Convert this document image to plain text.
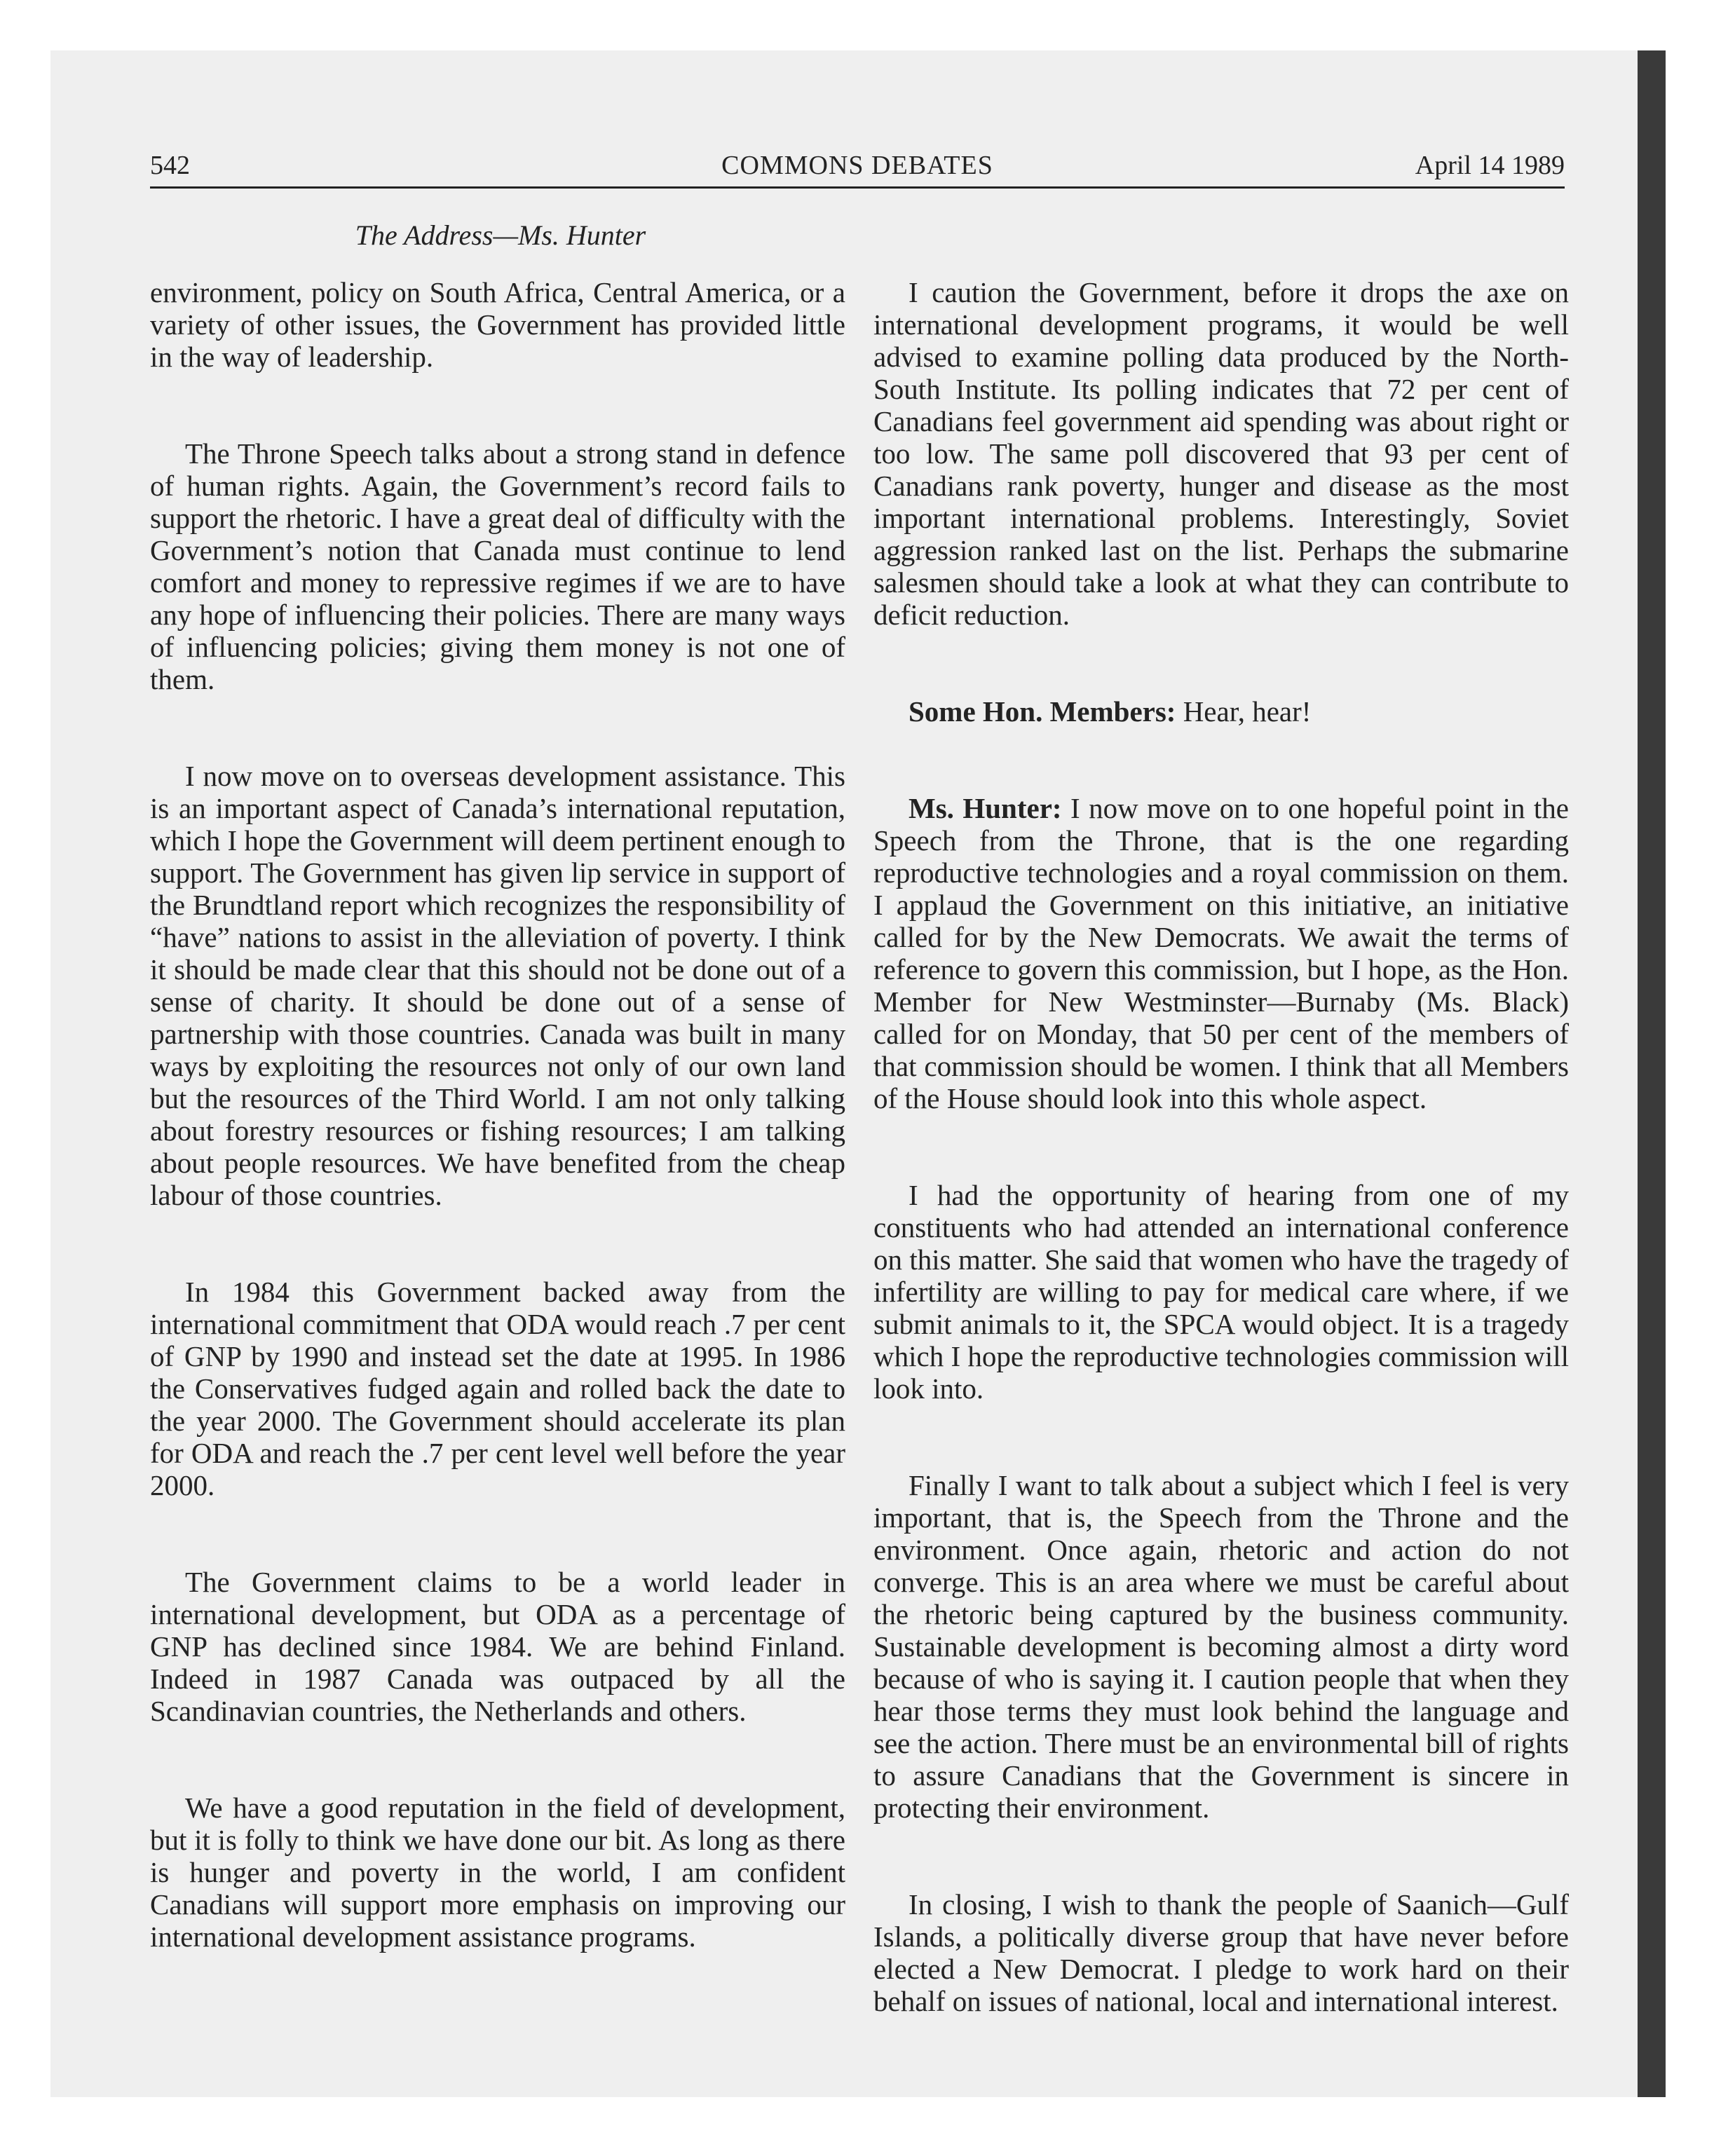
542	COMMONS DEBATES	April 14 1989
The Address—Ms. Hunter

environment, policy on South Africa, Central America, or a variety of other issues, the Government has provided little in the way of leadership.

The Throne Speech talks about a strong stand in defence of human rights. Again, the Government’s record fails to support the rhetoric. I have a great deal of difficulty with the Government’s notion that Canada must continue to lend comfort and money to repressive regimes if we are to have any hope of influencing their policies. There are many ways of influencing policies; giving them money is not one of them.

I now move on to overseas development assistance. This is an important aspect of Canada’s international reputation, which I hope the Government will deem pertinent enough to support. The Government has given lip service in support of the Brundtland report which recognizes the responsibility of “have” nations to assist in the alleviation of poverty. I think it should be made clear that this should not be done out of a sense of charity. It should be done out of a sense of partnership with those countries. Canada was built in many ways by exploiting the resources not only of our own land but the resources of the Third World. I am not only talking about forestry resources or fishing resources; I am talking about people resources. We have benefited from the cheap labour of those countries.

In 1984 this Government backed away from the international commitment that ODA would reach .7 per cent of GNP by 1990 and instead set the date at 1995. In 1986 the Conservatives fudged again and rolled back the date to the year 2000. The Government should accelerate its plan for ODA and reach the .7 per cent level well before the year 2000.

The Government claims to be a world leader in international development, but ODA as a percentage of GNP has declined since 1984. We are behind Finland. Indeed in 1987 Canada was outpaced by all the Scandinavian countries, the Netherlands and others.

We have a good reputation in the field of development, but it is folly to think we have done our bit. As long as there is hunger and poverty in the world, I am confident Canadians will support more emphasis on improving our international development assistance programs.

I caution the Government, before it drops the axe on international development programs, it would be well advised to examine polling data produced by the North-South Institute. Its polling indicates that 72 per cent of Canadians feel government aid spending was about right or too low. The same poll discovered that 93 per cent of Canadians rank poverty, hunger and disease as the most important international problems. Interestingly, Soviet aggression ranked last on the list. Perhaps the submarine salesmen should take a look at what they can contribute to deficit reduction.

Some Hon. Members: Hear, hear!

Ms. Hunter: I now move on to one hopeful point in the Speech from the Throne, that is the one regarding reproductive technologies and a royal commission on them. I applaud the Government on this initiative, an initiative called for by the New Democrats. We await the terms of reference to govern this commission, but I hope, as the Hon. Member for New Westminster—Burnaby (Ms. Black) called for on Monday, that 50 per cent of the members of that commission should be women. I think that all Members of the House should look into this whole aspect.

I had the opportunity of hearing from one of my constituents who had attended an international conference on this matter. She said that women who have the tragedy of infertility are willing to pay for medical care where, if we submit animals to it, the SPCA would object. It is a tragedy which I hope the reproductive technologies commission will look into.

Finally I want to talk about a subject which I feel is very important, that is, the Speech from the Throne and the environment. Once again, rhetoric and action do not converge. This is an area where we must be careful about the rhetoric being captured by the business community. Sustainable development is becoming almost a dirty word because of who is saying it. I caution people that when they hear those terms they must look behind the language and see the action. There must be an environmental bill of rights to assure Canadians that the Government is sincere in protecting their environment.

In closing, I wish to thank the people of Saanich—Gulf Islands, a politically diverse group that have never before elected a New Democrat. I pledge to work hard on their behalf on issues of national, local and international interest.
